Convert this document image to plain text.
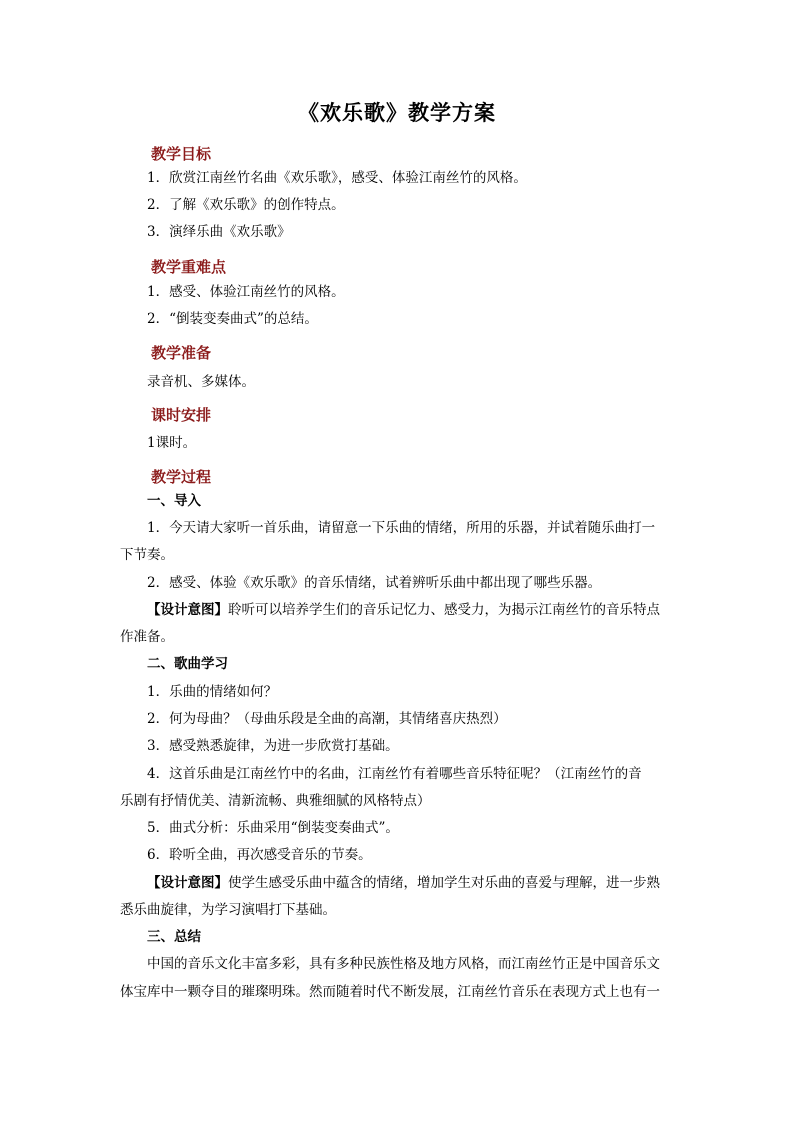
《欢乐歌》教学方案
教学目标
1．欣赏江南丝竹名曲《欢乐歌》，感受、体验江南丝竹的风格。
2．了解《欢乐歌》的创作特点。
3．演绎乐曲《欢乐歌》
教学重难点
1．感受、体验江南丝竹的风格。
2．“倒装变奏曲式”的总结。
教学准备
录音机、多媒体。
课时安排
1课时。
教学过程
一、导入
1．今天请大家听一首乐曲，请留意一下乐曲的情绪，所用的乐器，并试着随乐曲打一
下节奏。
2．感受、体验《欢乐歌》的音乐情绪，试着辨听乐曲中都出现了哪些乐器。
【设计意图】聆听可以培养学生们的音乐记忆力、感受力，为揭示江南丝竹的音乐特点
作准备。
二、歌曲学习
1．乐曲的情绪如何？
2．何为母曲？（母曲乐段是全曲的高潮，其情绪喜庆热烈）
3．感受熟悉旋律，为进一步欣赏打基础。
4．这首乐曲是江南丝竹中的名曲，江南丝竹有着哪些音乐特征呢？（江南丝竹的音
乐剧有抒情优美、清新流畅、典雅细腻的风格特点）
5．曲式分析：乐曲采用“倒装变奏曲式”。
6．聆听全曲，再次感受音乐的节奏。
【设计意图】使学生感受乐曲中蕴含的情绪，增加学生对乐曲的喜爱与理解，进一步熟
悉乐曲旋律，为学习演唱打下基础。
三、总结
中国的音乐文化丰富多彩，具有多种民族性格及地方风格，而江南丝竹正是中国音乐文
体宝库中一颗夺目的璀璨明珠。然而随着时代不断发展，江南丝竹音乐在表现方式上也有一
